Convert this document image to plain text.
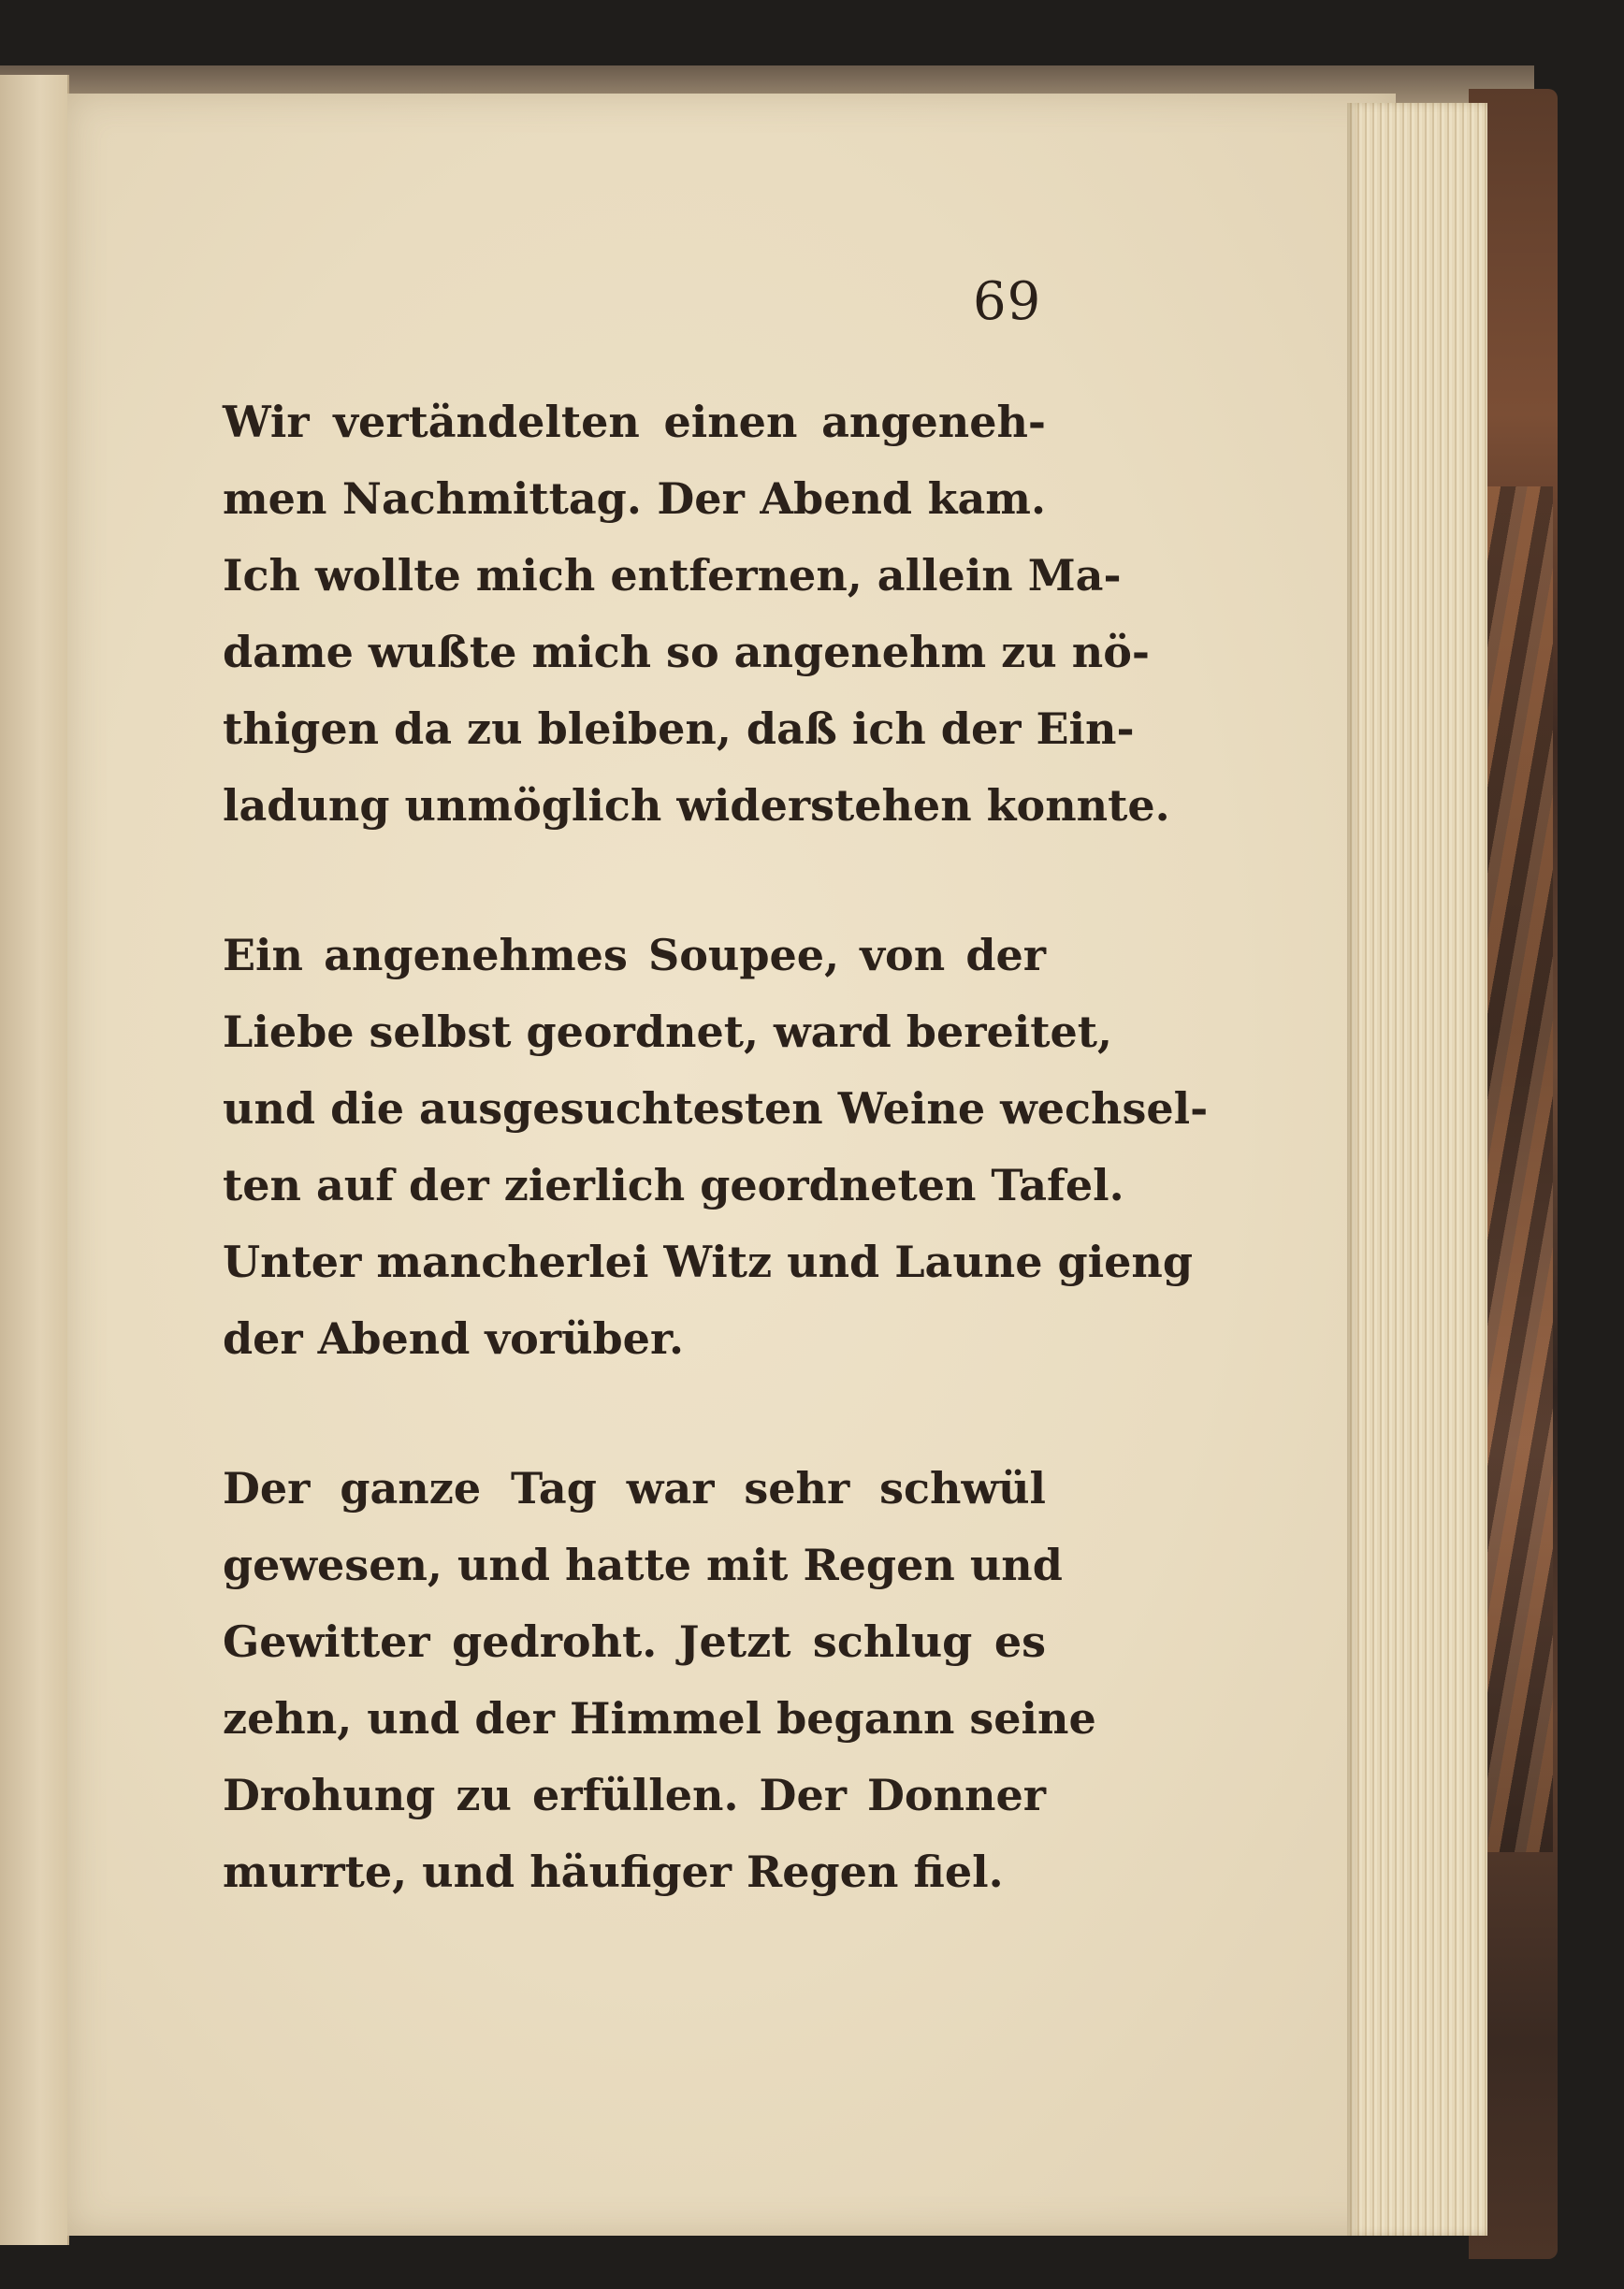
69
Wir vertändelten einen angeneh-
men Nachmittag. Der Abend kam.
Ich wollte mich entfernen, allein Ma-
dame wußte mich so angenehm zu nö-
thigen da zu bleiben, daß ich der Ein-
ladung unmöglich widerstehen konnte.
Ein angenehmes Soupee, von der
Liebe selbst geordnet, ward bereitet,
und die ausgesuchtesten Weine wechsel-
ten auf der zierlich geordneten Tafel.
Unter mancherlei Witz und Laune gieng
der Abend vorüber.
Der ganze Tag war sehr schwül
gewesen, und hatte mit Regen und
Gewitter gedroht. Jetzt schlug es
zehn, und der Himmel begann seine
Drohung zu erfüllen. Der Donner
murrte, und häufiger Regen fiel.
